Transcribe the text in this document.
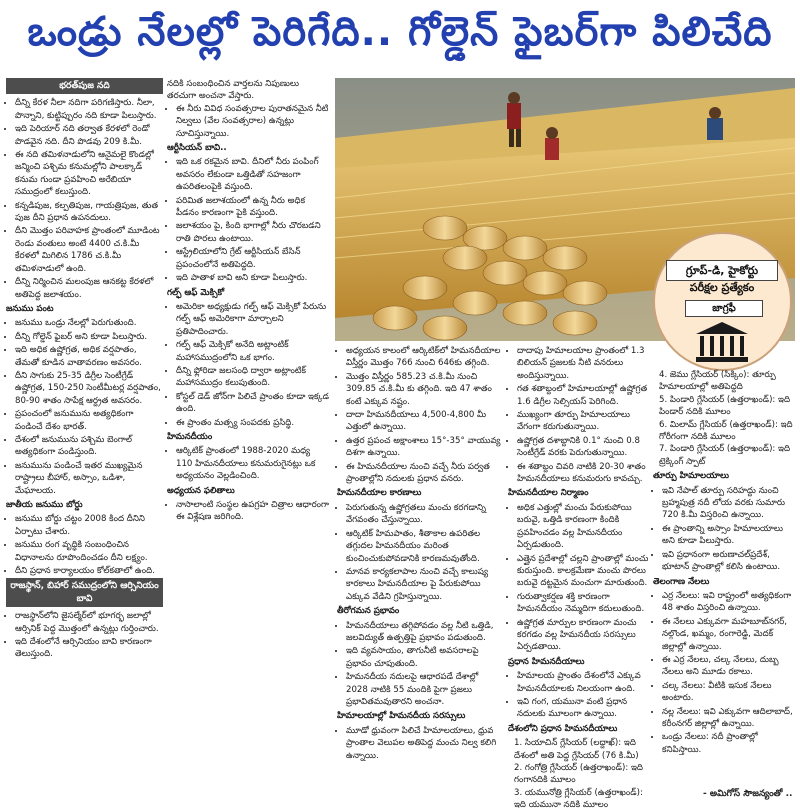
ఒండ్రు నేలల్లో పెరిగేది.. గోల్డెన్ ఫైబర్‌గా పిలిచేది
భరత్‌పుజ నది
• దీన్ని కేరళ నీలా నదిగా పరిగణిస్తారు. నీలా, పొన్నాని, కుట్టిప్పురం నది కూడా పిలుస్తారు.
• ఇది పెరియార్ నది తర్వాత కేరళలో రెండో పొడవైన నది. దీని పొడవు 209 కి.మీ.
• ఈ నది తమిళనాడులోని ఆనైమలై కొండల్లో జన్మించి పశ్చిమ కనుమల్లోని పాలక్కాడ్ కనుమ గుండా ప్రవహించి అరేబియా సముద్రంలో కలుస్తుంది.
• కన్నడిపుజ, కల్పతిపుజ, గాయత్రిపుజ, తుత పుజ దీని ప్రధాన ఉపనదులు.
• దీని మొత్తం పరివాహక ప్రాంతంలో మూడింట రెండు వంతులు అంటే 4400 చ.కి.మీ కేరళలో మిగిలిన 1786 చ.కి.మీ తమిళనాడులో ఉంది.
• దీన్ని నిర్మించిన మలంపుజ ఆనకట్ట కేరళలో అతిపెద్ద జలాశయం.
జనుము పంట
• జనుము ఒండ్రు నేలల్లో పెరుగుతుంది.
• దీన్ని గోల్డెన్ ఫైబర్ అని కూడా పిలుస్తారు.
• ఇది అధిక ఉష్ణోగ్రత, అధిక వర్షపాతం, తేమతో కూడిన వాతావరణం అవసరం.
• దీని సాగుకు 25-35 డిగ్రీల సెంటీగ్రేడ్ ఉష్ణోగ్రత, 150-250 సెంటీమీటర్ల వర్షపాతం, 80-90 శాతం సాపేక్ష ఆర్ద్రత అవసరం.
• ప్రపంచంలో జనుమును అత్యధికంగా పండించే దేశం భారత్.
• దేశంలో జనుమును పశ్చిమ బెంగాల్ అత్యధికంగా పండిస్తుంది.
• జనుమును పండించే ఇతర ముఖ్యమైన రాష్ట్రాలు బీహార్, అస్సాం, ఒడిశా, మేఘాలయ.
జాతీయ జనుము బోర్డు
• జనుము బోర్డు చట్టం 2008 కింద దీనిని ఏర్పాటు చేశారు.
• జనుము రంగ వృద్ధికి సంబంధించిన విధానాలను రూపొందించడం దీని లక్ష్యం.
• దీని ప్రధాన కార్యాలయం కోల్‌కతాలో ఉంది.
రాజస్థాన్, బిహార్ సముద్రంలోని ఆర్సినియం బావి
• రాజస్థాన్‌లోని జైసల్మేర్‌లో భూగర్భ జలాల్లో ఆర్సినిక్ పెద్ద మొత్తంలో ఉన్నట్లు గుర్తించారు.
• ఇది దేశంలోనే ఆర్సినియం బావి కారణంగా తెలుస్తుంది.
నదికి సంబంధించిన వార్తలను నిపుణులు తరచుగా అంచనా వేస్తారు.
• ఈ నీరు వివిధ సంవత్సరాల పురాతనమైన నీటి నిల్వలు (వేల సంవత్సరాల) ఉన్నట్లు సూచిస్తున్నాయి.
ఆర్టీసియన్ బావి..
• ఇది ఒక రకమైన బావి. దీనిలో నీరు పంపింగ్ అవసరం లేకుండా ఒత్తిడితో సహజంగా ఉపరితలంపైకి వస్తుంది.
• పరిమిత జలాశయంలో ఉన్న నీరు అధిక పీడనం కారణంగా పైకి వస్తుంది.
• జలాశయం పై, కింది భాగాల్లో నీరు చొరబడని రాతి పొరలు ఉంటాయి.
• ఆస్ట్రేలియాలోని గ్రేట్ ఆర్టీసియన్ బేసిన్ ప్రపంచంలోనే అతిపెద్దది.
• ఇది పాతాళ బావి అని కూడా పిలుస్తారు.
గల్ఫ్ ఆఫ్ మెక్సికో
• అమెరికా అధ్యక్షుడు గల్ఫ్ ఆఫ్ మెక్సికో పేరును గల్ఫ్ ఆఫ్ అమెరికాగా మార్చాలని ప్రతిపాదించారు.
• గల్ఫ్ ఆఫ్ మెక్సికో అనేది అట్లాంటిక్ మహాసముద్రంలోని ఒక భాగం.
• దీన్ని ఫ్లోరిడా జలసంధి ద్వారా అట్లాంటిక్ మహాసముద్రం కలుపుతుంది.
• కోస్టల్ డెడ్ జోన్‌గా పిలిచే ప్రాంతం కూడా ఇక్కడ ఉంది.
• ఈ ప్రాంతం మత్స్య సంపదకు ప్రసిద్ధి.
హిమనదీయం
• ఆర్కిటిక్ ప్రాంతంలో 1988-2020 మధ్య 110 హిమనదీయాలు కనుమరుగైనట్లు ఒక అధ్యయనం వెల్లడించింది.
అధ్యయన ఫలితాలు
• నాసాలాంటి సంస్థల ఉపగ్రహ చిత్రాల ఆధారంగా ఈ విశ్లేషణ జరిగింది.
గ్రూప్-డి, హైకోర్టు
పరీక్షల ప్రత్యేకం
జాగ్రఫీ
• అధ్యయన కాలంలో ఆర్కిటిక్‌లో హిమనదీయాల విస్తీర్ణం మొత్తం 766 నుంచి 646కు తగ్గింది.
• మొత్తం విస్తీర్ణం 585.23 చ.కి.మీ నుంచి 309.85 చ.కి.మీ కు తగ్గింది. ఇది 47 శాతం కంటే ఎక్కువ నష్టం.
• దాదా హిమనదీయాలు 4,500-4,800 మీ ఎత్తులో ఉన్నాయి.
• ఉత్తర ప్రపంచ అక్షాంశాలు 15°-35° వాయువ్య దిశగా ఉన్నాయి.
• ఈ హిమనదీయాల నుంచి వచ్చే నీరు పర్వత ప్రాంతాల్లోని నదులకు ప్రధాన వనరు.
హిమనదీయాల కారణాలు
• పెరుగుతున్న ఉష్ణోగ్రతలు మంచు కరగడాన్ని వేగవంతం చేస్తున్నాయి.
• ఆర్కిటిక్ హిమపాతం, శీతాకాల ఉపరితల తగ్గుదల హిమనదీయం మరింత కుంచించుకుపోవడానికి కారణమవుతోంది.
• మానవ కార్యకలాపాల నుంచి వచ్చే కాలుష్య కారకాలు హిమనదీయాల పై పేరుకుపోయి ఎక్కువ వేడిని గ్రహిస్తున్నాయి.
తీరోగమన ప్రభావం
• హిమనదీయాలు తగ్గిపోవడం వల్ల నీటి ఒత్తిడి, జలవిద్యుత్ ఉత్పత్తిపై ప్రభావం పడుతుంది.
• ఇది వ్యవసాయం, తాగునీటి అవసరాలపై ప్రభావం చూపుతుంది.
• హిమనదీయ నదులపై ఆధారపడే దేశాల్లో 2028 నాటికి 55 మందికి పైగా ప్రజలు ప్రభావితమవుతారని అంచనా.
హిమాలయాల్లో హిమనదీయ సరస్సులు
• మూడో ధ్రువంగా పిలిచే హిమాలయాలు, ధ్రువ ప్రాంతాల వెలుపల అతిపెద్ద మంచు నిల్వ కలిగి ఉన్నాయి.
• దాదాపు హిమాలయాల ప్రాంతంలో 1.3 బిలియన్ ప్రజలకు నీటి వనరులు అందిస్తున్నాయి.
• గత శతాబ్దంలో హిమాలయాల్లో ఉష్ణోగ్రత 1.6 డిగ్రీల సెల్సియస్ పెరిగింది.
• ముఖ్యంగా తూర్పు హిమాలయాలు వేగంగా కరుగుతున్నాయి.
• ఉష్ణోగ్రత దశాబ్దానికి 0.1° నుంచి 0.8 సెంటీగ్రేడ్ వరకు పెరుగుతున్నాయి.
• ఈ శతాబ్దం చివరి నాటికి 20-30 శాతం హిమనదీయాలు కనుమరుగు కావచ్చు.
హిమనదీయాల నిర్మాణం
• అధిక ఎత్తుల్లో మంచు పేరుకుపోయి బరువై, ఒత్తిడి కారణంగా కిందికి ప్రవహించడం వల్ల హిమనదీయం ఏర్పడుతుంది.
• ఎత్తైన ప్రదేశాల్లో చల్లని ప్రాంతాల్లో మంచు కురుస్తుంది. కాలక్రమేణా మంచు పొరలు బరువై దట్టమైన మంచుగా మారుతుంది.
• గురుత్వాకర్షణ శక్తి కారణంగా హిమనదీయం నెమ్మదిగా కదులుతుంది.
• ఉష్ణోగ్రత మార్పుల కారణంగా మంచు కరగడం వల్ల హిమనదీయ సరస్సులు ఏర్పడతాయి.
ప్రధాన హిమనదీయాలు
• హిమాలయ ప్రాంతం దేశంలోనే ఎక్కువ హిమనదీయాలకు నిలయంగా ఉంది.
• ఇవి గంగ, యమునా వంటి ప్రధాన నదులకు మూలంగా ఉన్నాయి.
దేశంలోని ప్రధాన హిమనదీయాలు
1. సియాచిన్ గ్లేసియర్ (లద్దాఖ్): ఇది దేశంలో అతి పెద్ద గ్లేసియర్ (76 కి.మీ)
2. గంగోత్రి గ్లేసియర్ (ఉత్తరాఖండ్): ఇది గంగానదికి మూలం
3. యమునోత్రి గ్లేసియర్ (ఉత్తరాఖండ్): ఇది యమునా నదికి మూలం
4. జెము గ్లేసియర్ (సిక్కిం): తూర్పు హిమాలయాల్లో అతిపెద్దది
5. పిండారి గ్లేసియర్ (ఉత్తరాఖండ్): ఇది పిండార్ నదికి మూలం
6. మిలామ్ గ్లేసియర్ (ఉత్తరాఖండ్): ఇది గోరీగంగా నదికి మూలం
7. పిండారి గ్లేసియర్ (ఉత్తరాఖండ్): ఇది ట్రెక్కింగ్ స్పాట్
తూర్పు హిమాలయాలు
• ఇవి నేపాల్ తూర్పు సరిహద్దు నుంచి బ్రహ్మపుత్ర నదీ లోయ వరకు సుమారు 720 కి.మీ విస్తరించి ఉన్నాయి.
• ఈ ప్రాంతాన్ని అస్సాం హిమాలయాలు అని కూడా పిలుస్తారు.
• ఇవి ప్రధానంగా అరుణాచల్‌ప్రదేశ్, భూటాన్ ప్రాంతాల్లో కలిసి ఉంటాయి.
తెలంగాణ నేలలు
• ఎర్ర నేలలు: ఇవి రాష్ట్రంలో అత్యధికంగా 48 శాతం విస్తరించి ఉన్నాయి.
• ఈ నేలలు ఎక్కువగా మహబూబ్‌నగర్, నల్గొండ, ఖమ్మం, రంగారెడ్డి, మెదక్ జిల్లాల్లో ఉన్నాయి.
• ఈ ఎర్ర నేలలు, చల్క నేలలు, దుబ్బ నేలలు అని మూడు రకాలు.
• చల్క నేలలు: వీటికి ఇసుక నేలలు అంటారు.
• నల్ల నేలలు: ఇవి ఎక్కువగా ఆదిలాబాద్, కరీంనగర్ జిల్లాల్లో ఉన్నాయి.
• ఒండ్రు నేలలు: నదీ ప్రాంతాల్లో కనిపిస్తాయి.
- అమిగోస్ సౌజన్యంతో ..
